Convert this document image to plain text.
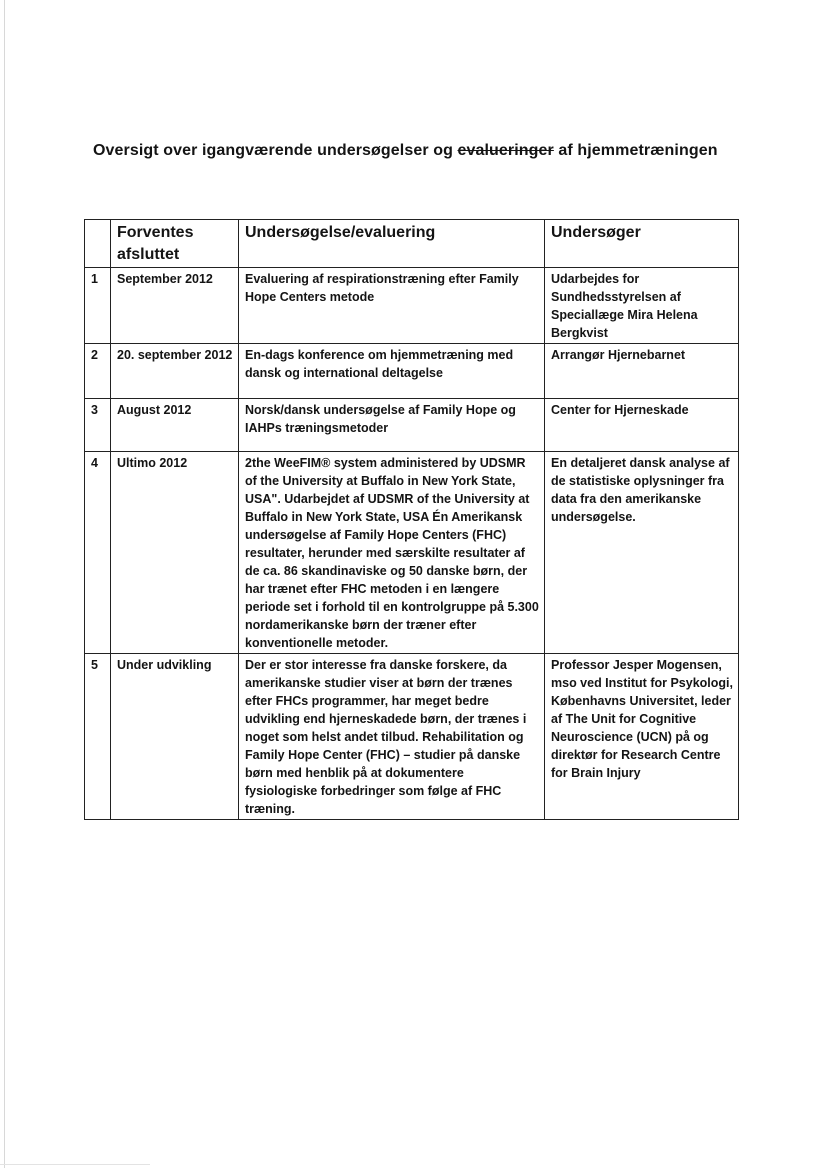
Oversigt over igangværende undersøgelser og evalueringer af hjemmetræningen
	Forventes afsluttet	Undersøgelse/evaluering	Undersøger
1	September 2012	Evaluering af respirationstræning efter Family Hope Centers metode	Udarbejdes for Sundhedsstyrelsen af Speciallæge Mira Helena Bergkvist
2	20. september 2012	En-dags konference om hjemmetræning med dansk og international deltagelse	Arrangør Hjernebarnet
3	August 2012	Norsk/dansk undersøgelse af Family Hope og IAHPs træningsmetoder	Center for Hjerneskade
4	Ultimo 2012	2the WeeFIM® system administered by UDSMR of the University at Buffalo in New York State, USA". Udarbejdet af UDSMR of the University at Buffalo in New York State, USA Én Amerikansk undersøgelse af Family Hope Centers (FHC) resultater, herunder med særskilte resultater af de ca. 86 skandinaviske og 50 danske børn, der har trænet efter FHC metoden i en længere periode set i forhold til en kontrolgruppe på 5.300 nordamerikanske børn der træner efter konventionelle metoder.	En detaljeret dansk analyse af de statistiske oplysninger fra data fra den amerikanske undersøgelse.
5	Under udvikling	Der er stor interesse fra danske forskere, da amerikanske studier viser at børn der trænes efter FHCs programmer, har meget bedre udvikling end hjerneskadede børn, der trænes i noget som helst andet tilbud. Rehabilitation og Family Hope Center (FHC) – studier på danske børn med henblik på at dokumentere fysiologiske forbedringer som følge af FHC træning.	Professor Jesper Mogensen, mso ved Institut for Psykologi, Københavns Universitet, leder af The Unit for Cognitive Neuroscience (UCN) på og direktør for Research Centre for Brain Injury
